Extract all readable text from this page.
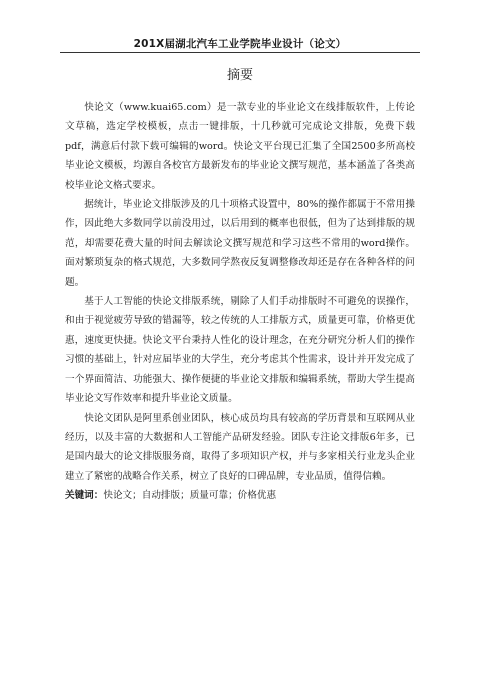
201X届湖北汽车工业学院毕业设计（论文）
摘要

快论文（www.kuai65.com）是一款专业的毕业论文在线排版软件，上传论文草稿，选定学校模板，点击一键排版，十几秒就可完成论文排版，免费下载pdf，满意后付款下载可编辑的word。快论文平台现已汇集了全国2500多所高校毕业论文模板，均源自各校官方最新发布的毕业论文撰写规范，基本涵盖了各类高校毕业论文格式要求。

据统计，毕业论文排版涉及的几十项格式设置中，80%的操作都属于不常用操作，因此绝大多数同学以前没用过，以后用到的概率也很低，但为了达到排版的规范，却需要花费大量的时间去解读论文撰写规范和学习这些不常用的word操作。面对繁琐复杂的格式规范，大多数同学熬夜反复调整修改却还是存在各种各样的问题。

基于人工智能的快论文排版系统，剔除了人们手动排版时不可避免的误操作，和由于视觉疲劳导致的错漏等，较之传统的人工排版方式，质量更可靠，价格更优惠，速度更快捷。快论文平台秉持人性化的设计理念，在充分研究分析人们的操作习惯的基础上，针对应届毕业的大学生，充分考虑其个性需求，设计并开发完成了一个界面简洁、功能强大、操作便捷的毕业论文排版和编辑系统，帮助大学生提高毕业论文写作效率和提升毕业论文质量。

快论文团队是阿里系创业团队，核心成员均具有较高的学历背景和互联网从业经历，以及丰富的大数据和人工智能产品研发经验。团队专注论文排版6年多，已是国内最大的论文排版服务商，取得了多项知识产权，并与多家相关行业龙头企业建立了紧密的战略合作关系，树立了良好的口碑品牌，专业品质，值得信赖。

关键词：快论文；自动排版；质量可靠；价格优惠
